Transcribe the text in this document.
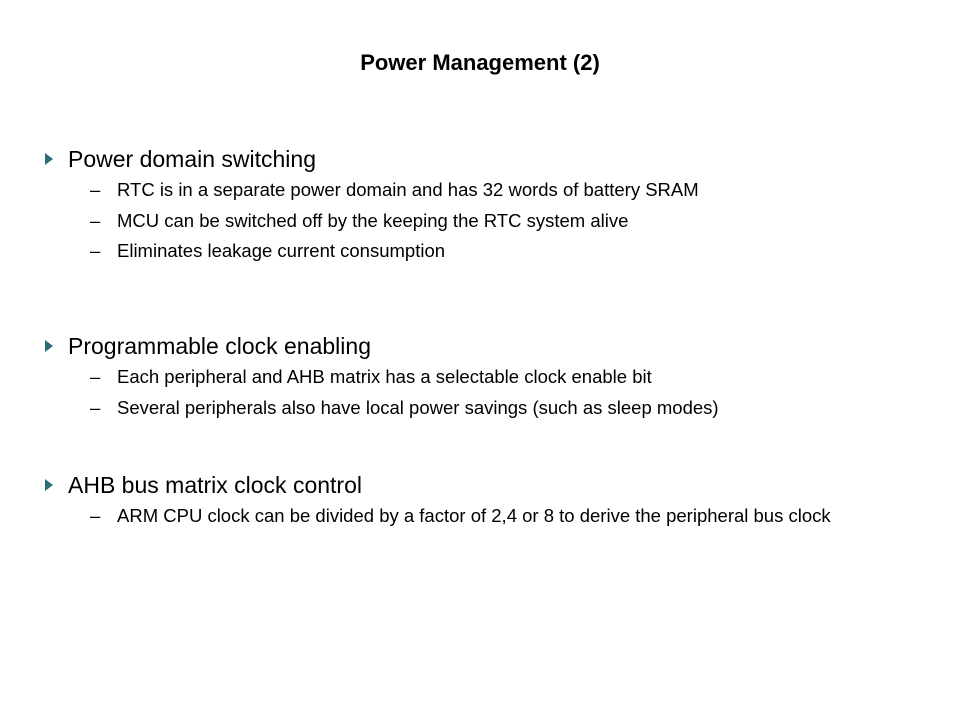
Power Management (2)
Power domain switching
– RTC is in a separate power domain and has 32 words of battery SRAM
– MCU can be switched off by the keeping the RTC system alive
– Eliminates leakage current consumption
Programmable clock enabling
– Each peripheral and AHB matrix has a selectable clock enable bit
– Several peripherals also have local power savings (such as sleep modes)
AHB bus matrix clock control
– ARM CPU clock can be divided by a factor of 2,4 or 8 to derive the peripheral bus clock
